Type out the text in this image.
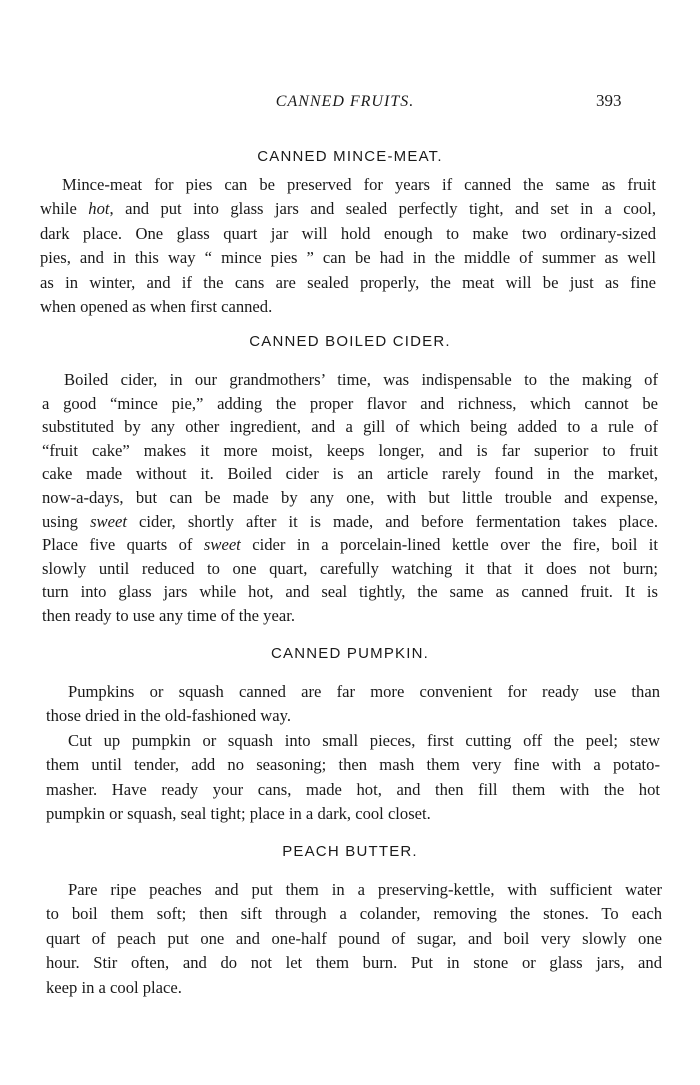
CANNED FRUITS.	393
CANNED MINCE-MEAT.
Mince-meat for pies can be preserved for years if canned the same as fruit
while hot, and put into glass jars and sealed perfectly tight, and set in a cool,
dark place. One glass quart jar will hold enough to make two ordinary-sized
pies, and in this way “ mince pies ” can be had in the middle of summer as well
as in winter, and if the cans are sealed properly, the meat will be just as fine
when opened as when first canned.
CANNED BOILED CIDER.
Boiled cider, in our grandmothers’ time, was indispensable to the making of
a good “mince pie,” adding the proper flavor and richness, which cannot be
substituted by any other ingredient, and a gill of which being added to a rule of
“fruit cake” makes it more moist, keeps longer, and is far superior to fruit
cake made without it. Boiled cider is an article rarely found in the market,
now-a-days, but can be made by any one, with but little trouble and expense,
using sweet cider, shortly after it is made, and before fermentation takes place.
Place five quarts of sweet cider in a porcelain-lined kettle over the fire, boil it
slowly until reduced to one quart, carefully watching it that it does not burn;
turn into glass jars while hot, and seal tightly, the same as canned fruit. It is
then ready to use any time of the year.
CANNED PUMPKIN.
Pumpkins or squash canned are far more convenient for ready use than
those dried in the old-fashioned way.
Cut up pumpkin or squash into small pieces, first cutting off the peel; stew
them until tender, add no seasoning; then mash them very fine with a potato-
masher. Have ready your cans, made hot, and then fill them with the hot
pumpkin or squash, seal tight; place in a dark, cool closet.
PEACH BUTTER.
Pare ripe peaches and put them in a preserving-kettle, with sufficient water
to boil them soft; then sift through a colander, removing the stones. To each
quart of peach put one and one-half pound of sugar, and boil very slowly one
hour. Stir often, and do not let them burn. Put in stone or glass jars, and
keep in a cool place.
